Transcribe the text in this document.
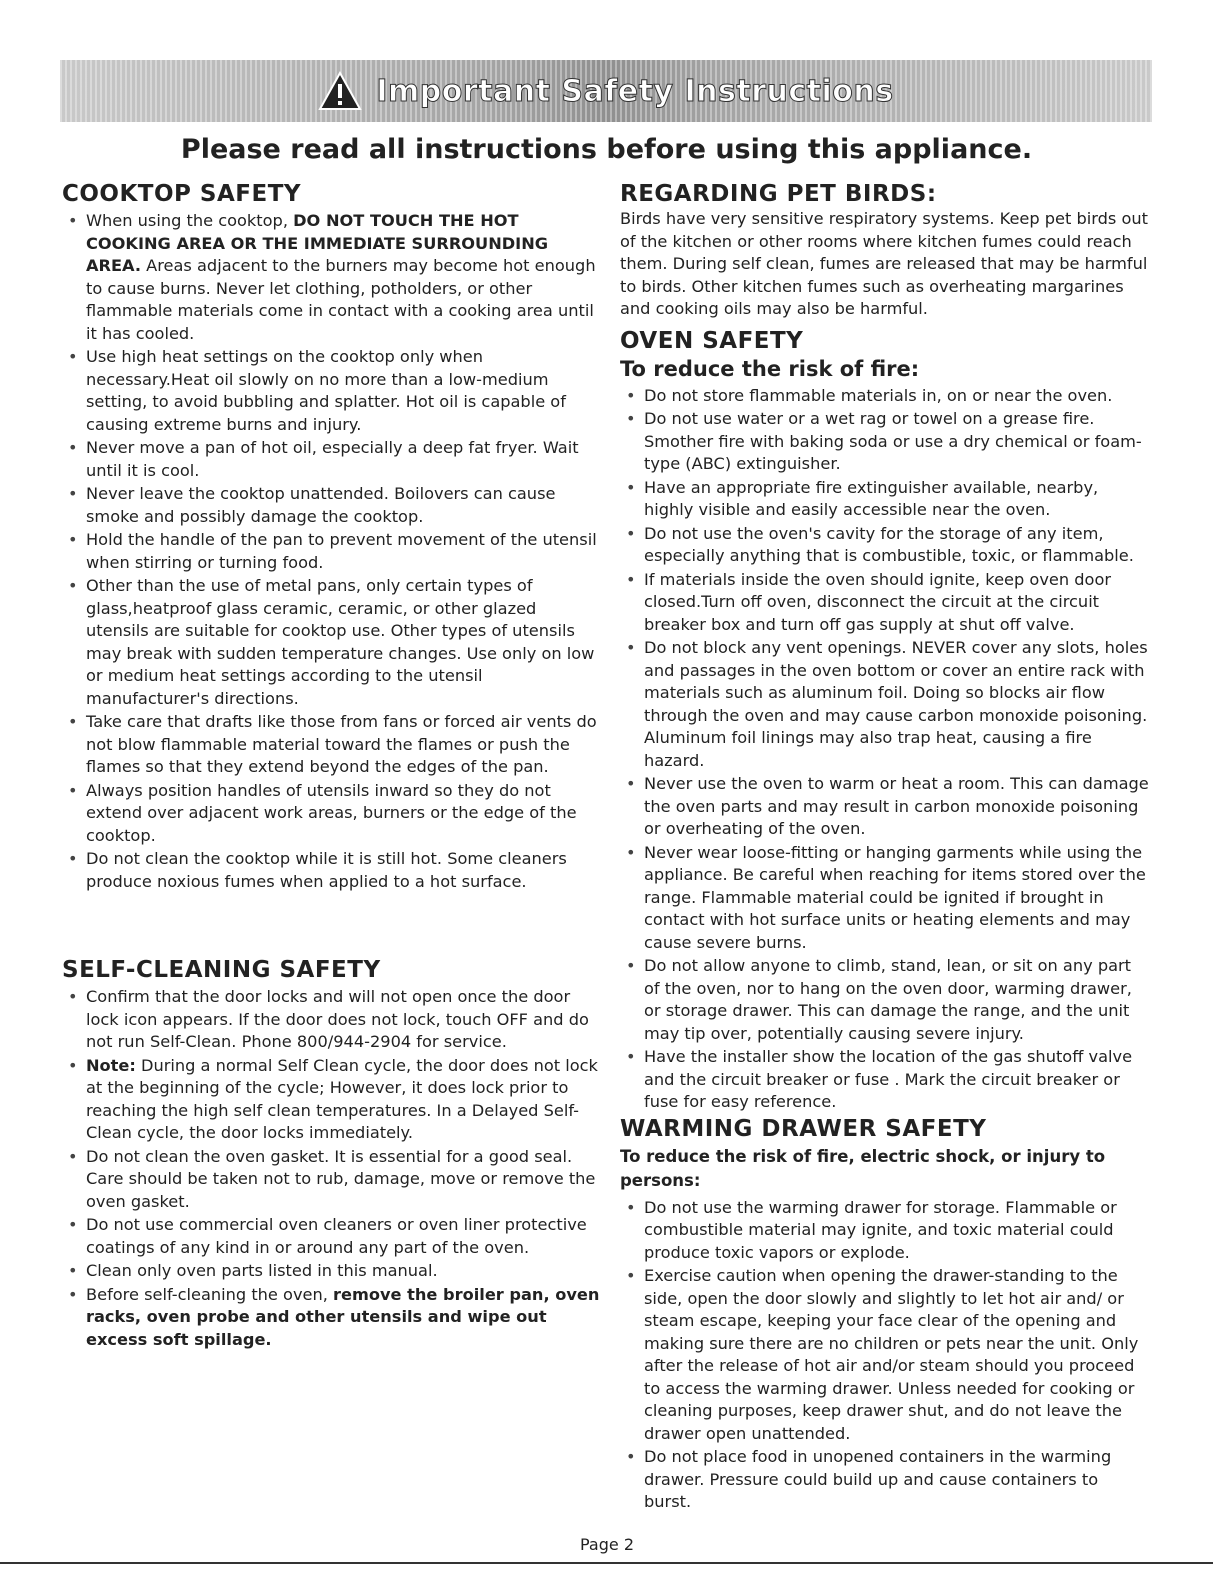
Important Safety Instructions
Please read all instructions before using this appliance.
COOKTOP SAFETY
• When using the cooktop, DO NOT TOUCH THE HOT COOKING AREA OR THE IMMEDIATE SURROUNDING AREA. Areas adjacent to the burners may become hot enough to cause burns. Never let clothing, potholders, or other flammable materials come in contact with a cooking area until it has cooled.
• Use high heat settings on the cooktop only when necessary.Heat oil slowly on no more than a low-medium setting, to avoid bubbling and splatter. Hot oil is capable of causing extreme burns and injury.
• Never move a pan of hot oil, especially a deep fat fryer. Wait until it is cool.
• Never leave the cooktop unattended. Boilovers can cause smoke and possibly damage the cooktop.
• Hold the handle of the pan to prevent movement of the utensil when stirring or turning food.
• Other than the use of metal pans, only certain types of glass,heatproof glass ceramic, ceramic, or other glazed utensils are suitable for cooktop use. Other types of utensils may break with sudden temperature changes. Use only on low or medium heat settings according to the utensil manufacturer's directions.
• Take care that drafts like those from fans or forced air vents do not blow flammable material toward the flames or push the flames so that they extend beyond the edges of the pan.
• Always position handles of utensils inward so they do not extend over adjacent work areas, burners or the edge of the cooktop.
• Do not clean the cooktop while it is still hot. Some cleaners produce noxious fumes when applied to a hot surface.
SELF-CLEANING SAFETY
• Confirm that the door locks and will not open once the door lock icon appears. If the door does not lock, touch OFF and do not run Self-Clean. Phone 800/944-2904 for service.
• Note: During a normal Self Clean cycle, the door does not lock at the beginning of the cycle; However, it does lock prior to reaching the high self clean temperatures. In a Delayed Self- Clean cycle, the door locks immediately.
• Do not clean the oven gasket. It is essential for a good seal. Care should be taken not to rub, damage, move or remove the oven gasket.
• Do not use commercial oven cleaners or oven liner protective coatings of any kind in or around any part of the oven.
• Clean only oven parts listed in this manual.
• Before self-cleaning the oven, remove the broiler pan, oven racks, oven probe and other utensils and wipe out excess soft spillage.
REGARDING PET BIRDS:

Birds have very sensitive respiratory systems. Keep pet birds out of the kitchen or other rooms where kitchen fumes could reach them. During self clean, fumes are released that may be harmful to birds. Other kitchen fumes such as overheating margarines and cooking oils may also be harmful.

OVEN SAFETY
To reduce the risk of fire:
• Do not store flammable materials in, on or near the oven.
• Do not use water or a wet rag or towel on a grease fire. Smother fire with baking soda or use a dry chemical or foam-type (ABC) extinguisher.
• Have an appropriate fire extinguisher available, nearby, highly visible and easily accessible near the oven.
• Do not use the oven's cavity for the storage of any item, especially anything that is combustible, toxic, or flammable.
• If materials inside the oven should ignite, keep oven door closed.Turn off oven, disconnect the circuit at the circuit breaker box and turn off gas supply at shut off valve.
• Do not block any vent openings. NEVER cover any slots, holes and passages in the oven bottom or cover an entire rack with materials such as aluminum foil. Doing so blocks air flow through the oven and may cause carbon monoxide poisoning. Aluminum foil linings may also trap heat, causing a fire hazard.
• Never use the oven to warm or heat a room. This can damage the oven parts and may result in carbon monoxide poisoning or overheating of the oven.
• Never wear loose-fitting or hanging garments while using the appliance. Be careful when reaching for items stored over the range. Flammable material could be ignited if brought in contact with hot surface units or heating elements and may cause severe burns.
• Do not allow anyone to climb, stand, lean, or sit on any part of the oven, nor to hang on the oven door, warming drawer, or storage drawer. This can damage the range, and the unit may tip over, potentially causing severe injury.
• Have the installer show the location of the gas shutoff valve and the circuit breaker or fuse . Mark the circuit breaker or fuse for easy reference.
WARMING DRAWER SAFETY
To reduce the risk of fire, electric shock, or injury to persons:
• Do not use the warming drawer for storage. Flammable or combustible material may ignite, and toxic material could produce toxic vapors or explode.
• Exercise caution when opening the drawer-standing to the side, open the door slowly and slightly to let hot air and/ or steam escape, keeping your face clear of the opening and making sure there are no children or pets near the unit. Only after the release of hot air and/or steam should you proceed to access the warming drawer. Unless needed for cooking or cleaning purposes, keep drawer shut, and do not leave the drawer open unattended.
• Do not place food in unopened containers in the warming drawer. Pressure could build up and cause containers to burst.
Page 2
